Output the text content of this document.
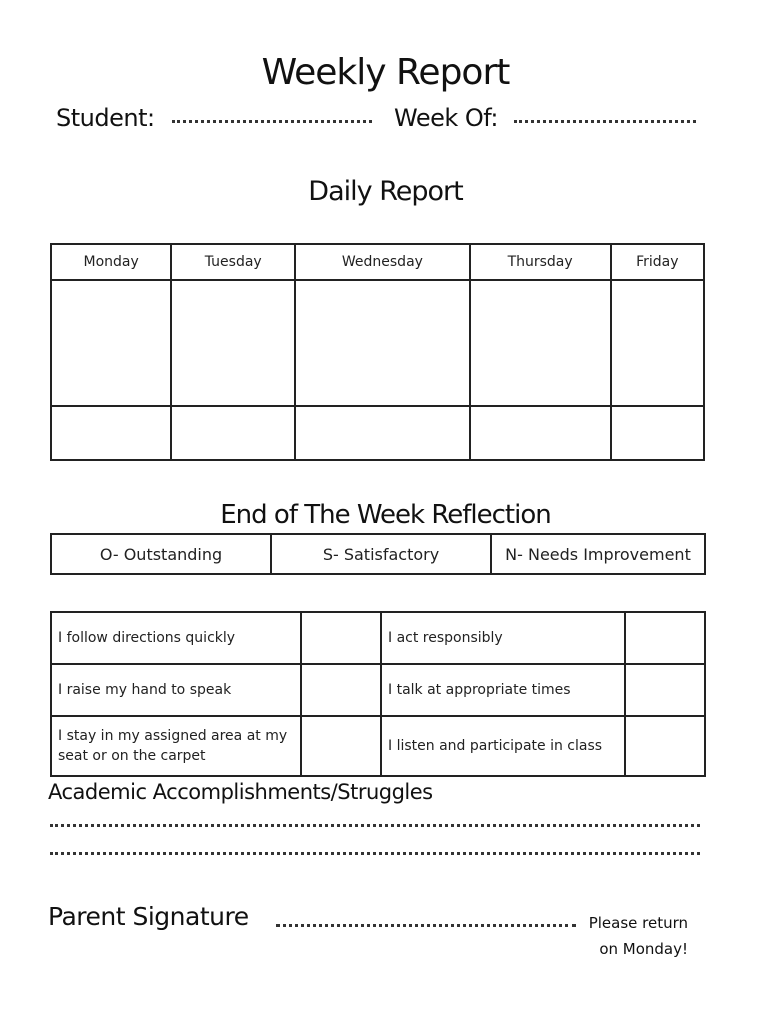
Weekly Report
Student:	Week Of:
Daily Report
Monday	Tuesday	Wednesday	Thursday	Friday

End of The Week Reflection
O- Outstanding	S- Satisfactory	N- Needs Improvement
I follow directions quickly		I act responsibly	
I raise my hand to speak		I talk at appropriate times	
I stay in my assigned area at my seat or on the carpet		I listen and participate in class	
Academic Accomplishments/Struggles
Parent Signature	Please return
on Monday!
